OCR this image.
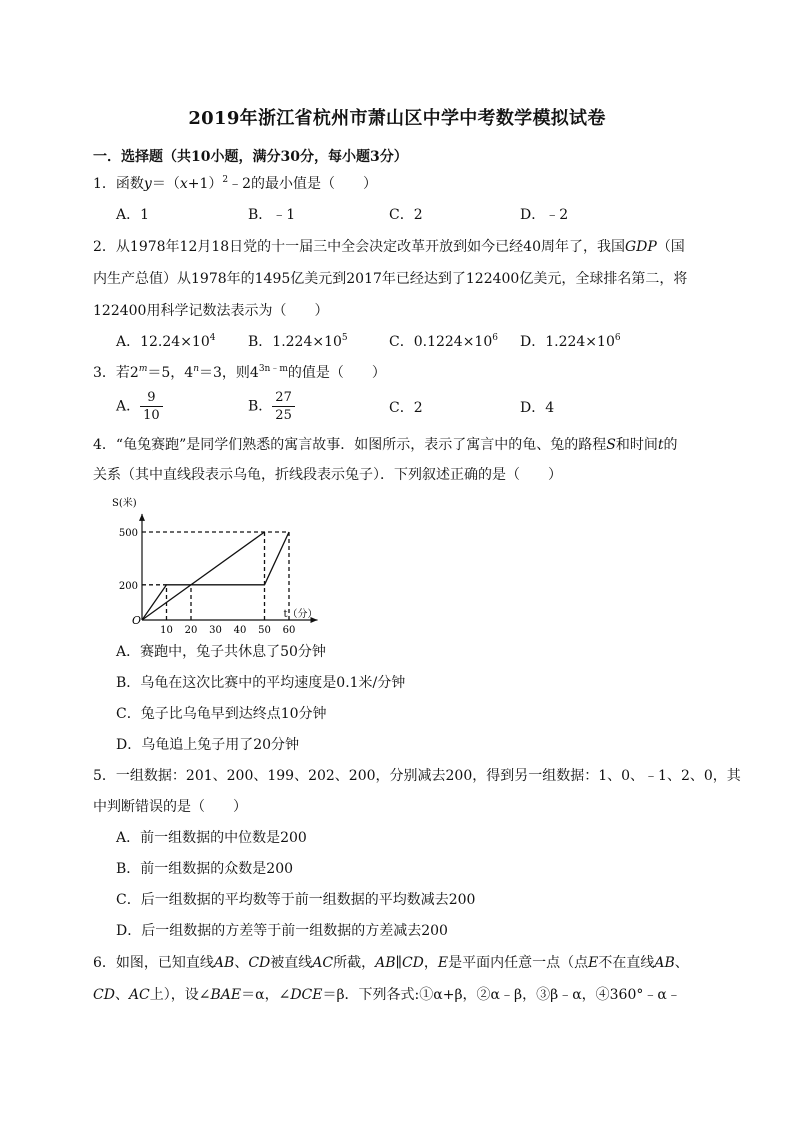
2019年浙江省杭州市萧山区中学中考数学模拟试卷
一．选择题（共10小题，满分30分，每小题3分）
1．函数$y=(x+1)^2﹣2$的最小值是（　　）
A．1	B．﹣1	C．2	D．﹣2
2．从1978年12月18日党的十一届三中全会决定改革开放到如今已经40周年了，我国GDP（国
内生产总值）从1978年的1495亿美元到2017年已经达到了122400亿美元，全球排名第二，将
122400用科学记数法表示为（　　）
A．$12.24\times 10^4$ B．$1.224\times 10^5$	C．$0.1224\times 10^6$ D．$1.224\times 10^6$
3．若$2^m=5$，$4^n=3$，则$4^{3n﹣m}$的值是（　　）
A． $\frac{9}{10}$	B． $\frac{27}{25}$	C．2	D．4
4．“龟兔赛跑”是同学们熟悉的寓言故事．如图所示，表示了寓言中的龟、兔的路程S和时间t的
关系（其中直线段表示乌龟，折线段表示兔子）．下列叙述正确的是（　　）
10 20 30 40 50 60
200
500
O
S(米)
t（分）
A．赛跑中，兔子共休息了50分钟
B．乌龟在这次比赛中的平均速度是0.1米/分钟
C．兔子比乌龟早到达终点10分钟
D．乌龟追上兔子用了20分钟
5．一组数据：201、200、199、202、200，分别减去200，得到另一组数据：1、0、﹣1、2、0，其
中判断错误的是（　　）
A．前一组数据的中位数是200
B．前一组数据的众数是200
C．后一组数据的平均数等于前一组数据的平均数减去200
D．后一组数据的方差等于前一组数据的方差减去200
6．如图，已知直线AB、CD被直线AC所截，AB∥CD，E是平面内任意一点（点E不在直线AB、
CD、AC上），设∠BAE＝α，∠DCE＝β．下列各式:①α+β，②α﹣β，③β﹣α，④360°﹣α﹣
